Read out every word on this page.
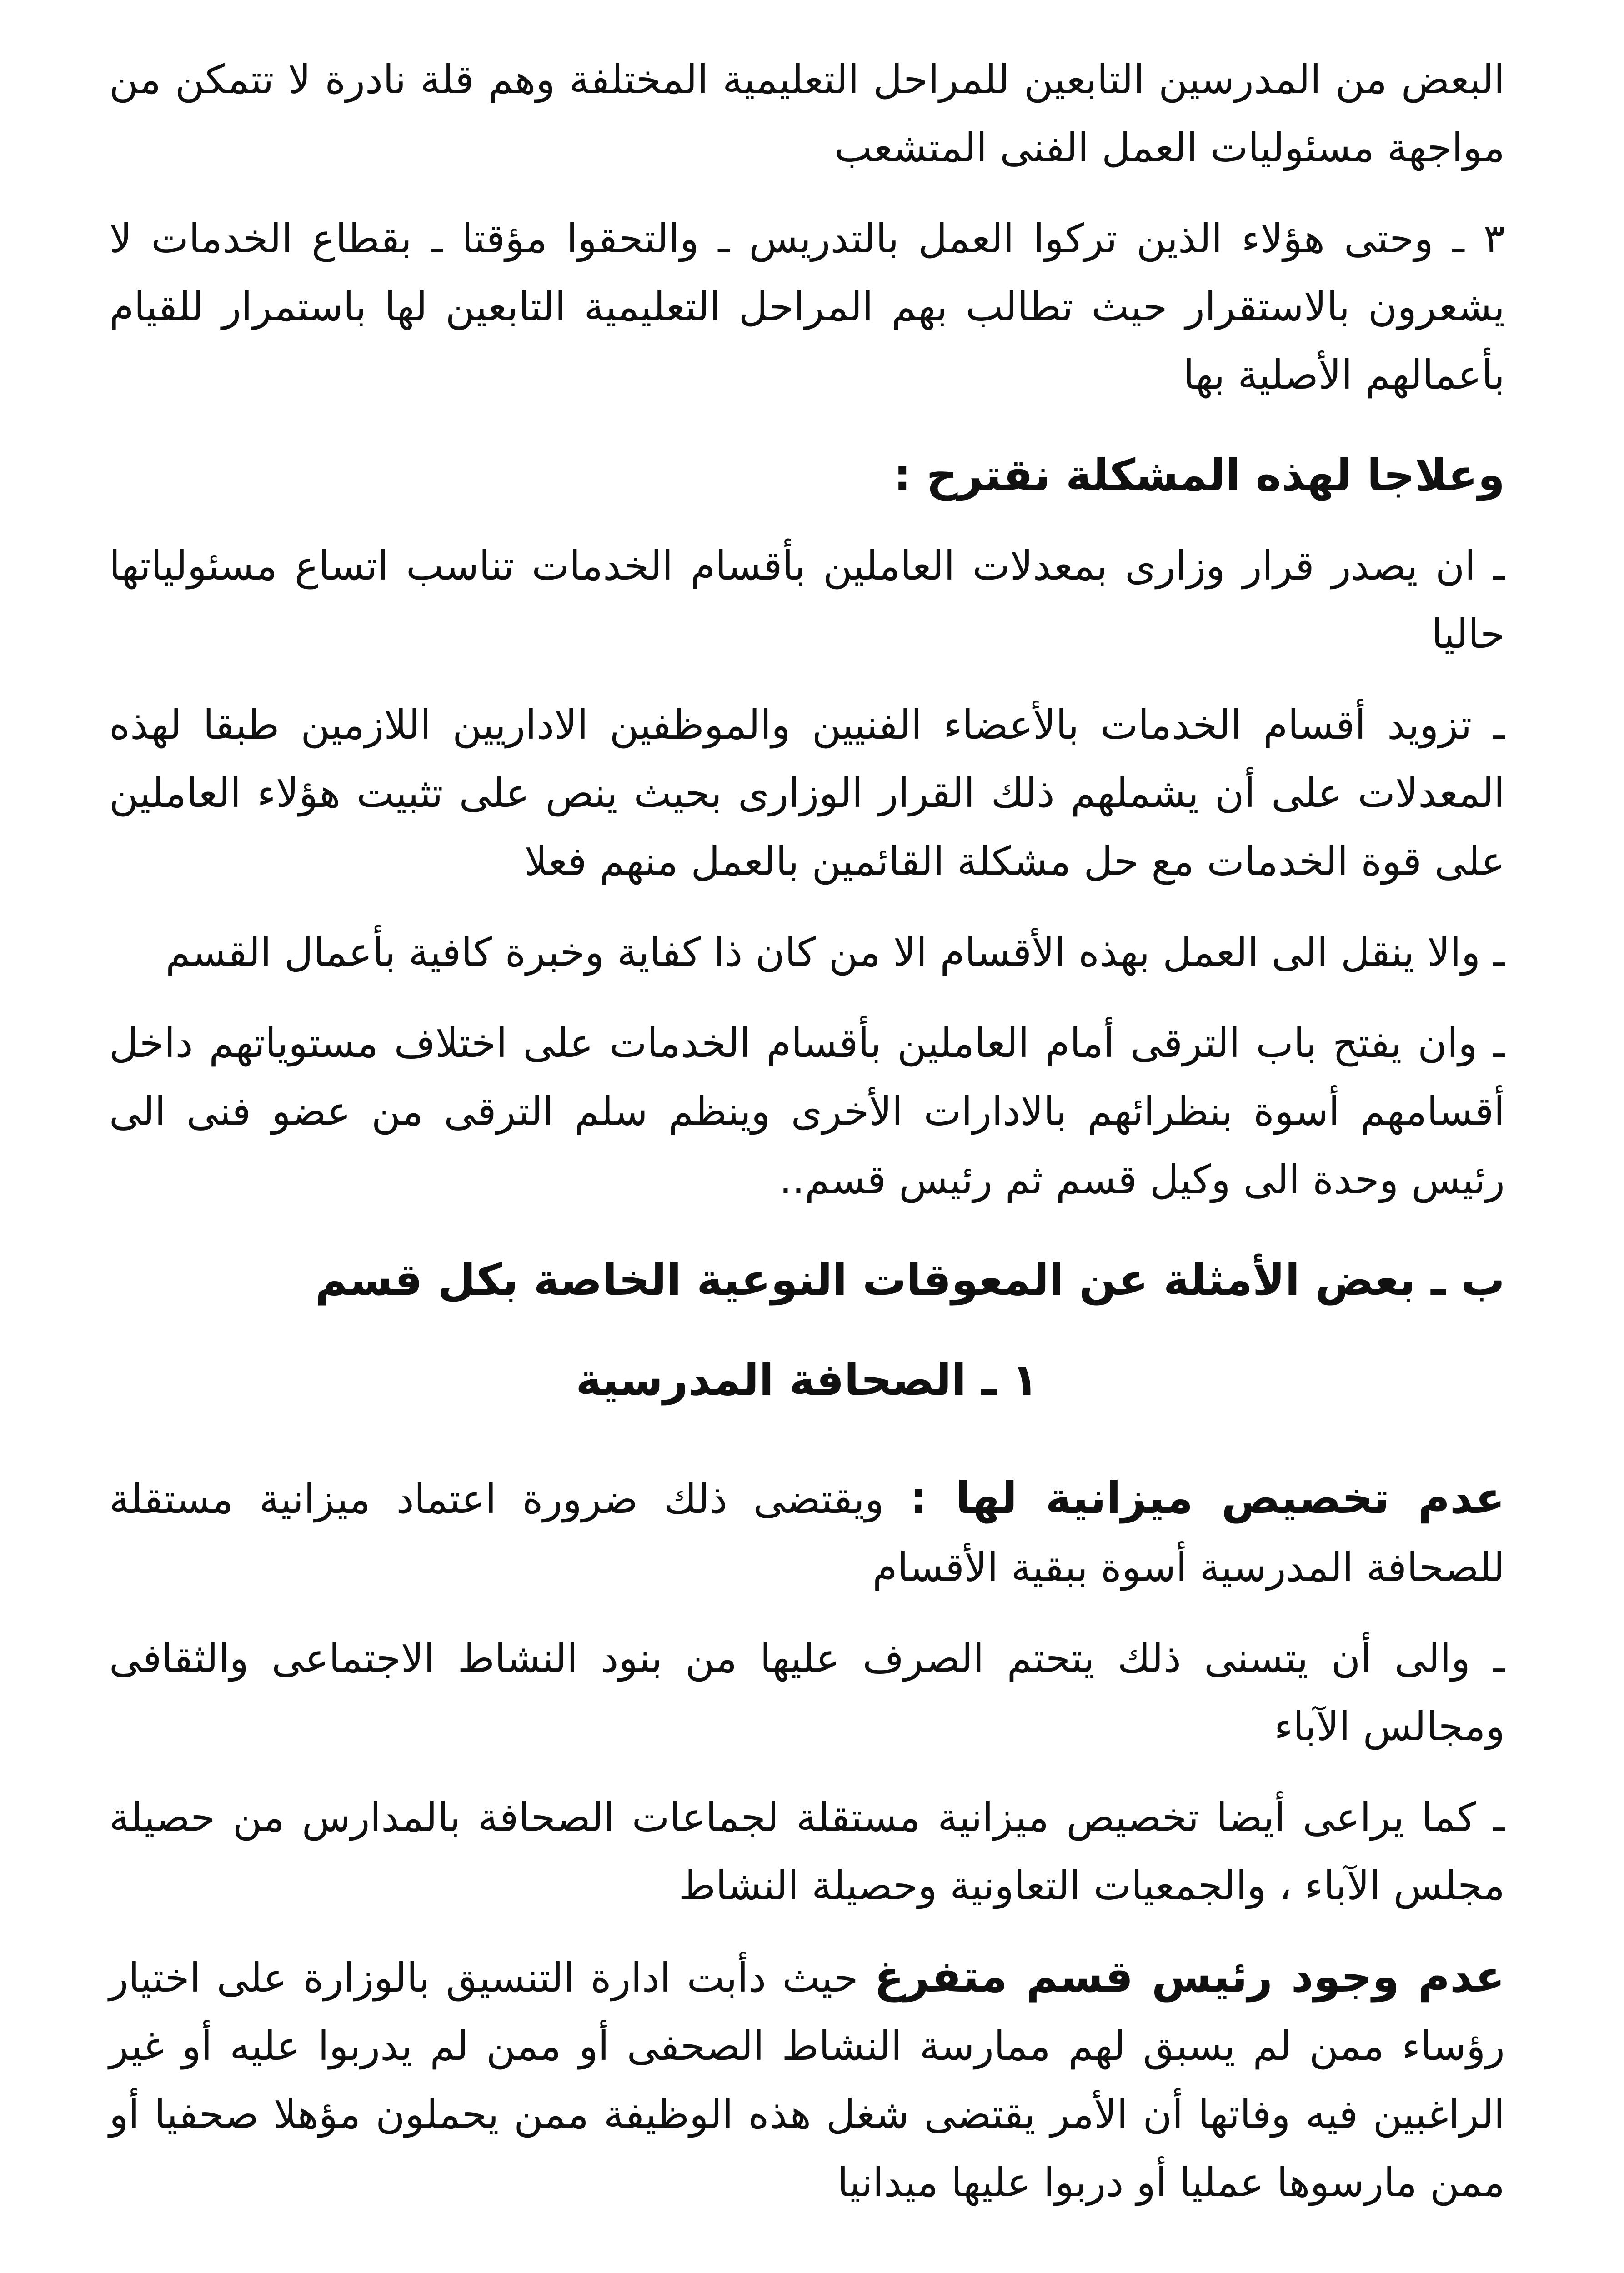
البعض من المدرسين التابعين للمراحل التعليمية المختلفة وهم قلة نادرة لا تتمكن من مواجهة مسئوليات العمل الفنى المتشعب

٣ ـ وحتى هؤلاء الذين تركوا العمل بالتدريس ـ والتحقوا مؤقتا ـ بقطاع الخدمات لا يشعرون بالاستقرار حيث تطالب بهم المراحل التعليمية التابعين لها باستمرار للقيام بأعمالهم الأصلية بها

وعلاجا لهذه المشكلة نقترح :

ـ ان يصدر قرار وزارى بمعدلات العاملين بأقسام الخدمات تناسب اتساع مسئولياتها حاليا

ـ تزويد أقسام الخدمات بالأعضاء الفنيين والموظفين الاداريين اللازمين طبقا لهذه المعدلات على أن يشملهم ذلك القرار الوزارى بحيث ينص على تثبيت هؤلاء العاملين على قوة الخدمات مع حل مشكلة القائمين بالعمل منهم فعلا

ـ والا ينقل الى العمل بهذه الأقسام الا من كان ذا كفاية وخبرة كافية بأعمال القسم

ـ وان يفتح باب الترقى أمام العاملين بأقسام الخدمات على اختلاف مستوياتهم داخل أقسامهم أسوة بنظرائهم بالادارات الأخرى وينظم سلم الترقى من عضو فنى الى رئيس وحدة الى وكيل قسم ثم رئيس قسم..

ب ـ بعض الأمثلة عن المعوقات النوعية الخاصة بكل قسم

١ ـ الصحافة المدرسية

عدم تخصيص ميزانية لها : ويقتضى ذلك ضرورة اعتماد ميزانية مستقلة للصحافة المدرسية أسوة ببقية الأقسام

ـ والى أن يتسنى ذلك يتحتم الصرف عليها من بنود النشاط الاجتماعى والثقافى ومجالس الآباء

ـ كما يراعى أيضا تخصيص ميزانية مستقلة لجماعات الصحافة بالمدارس من حصيلة مجلس الآباء ، والجمعيات التعاونية وحصيلة النشاط

عدم وجود رئيس قسم متفرغ حيث دأبت ادارة التنسيق بالوزارة على اختيار رؤساء ممن لم يسبق لهم ممارسة النشاط الصحفى أو ممن لم يدربوا عليه أو غير الراغبين فيه وفاتها أن الأمر يقتضى شغل هذه الوظيفة ممن يحملون مؤهلا صحفيا أو ممن مارسوها عمليا أو دربوا عليها ميدانيا
